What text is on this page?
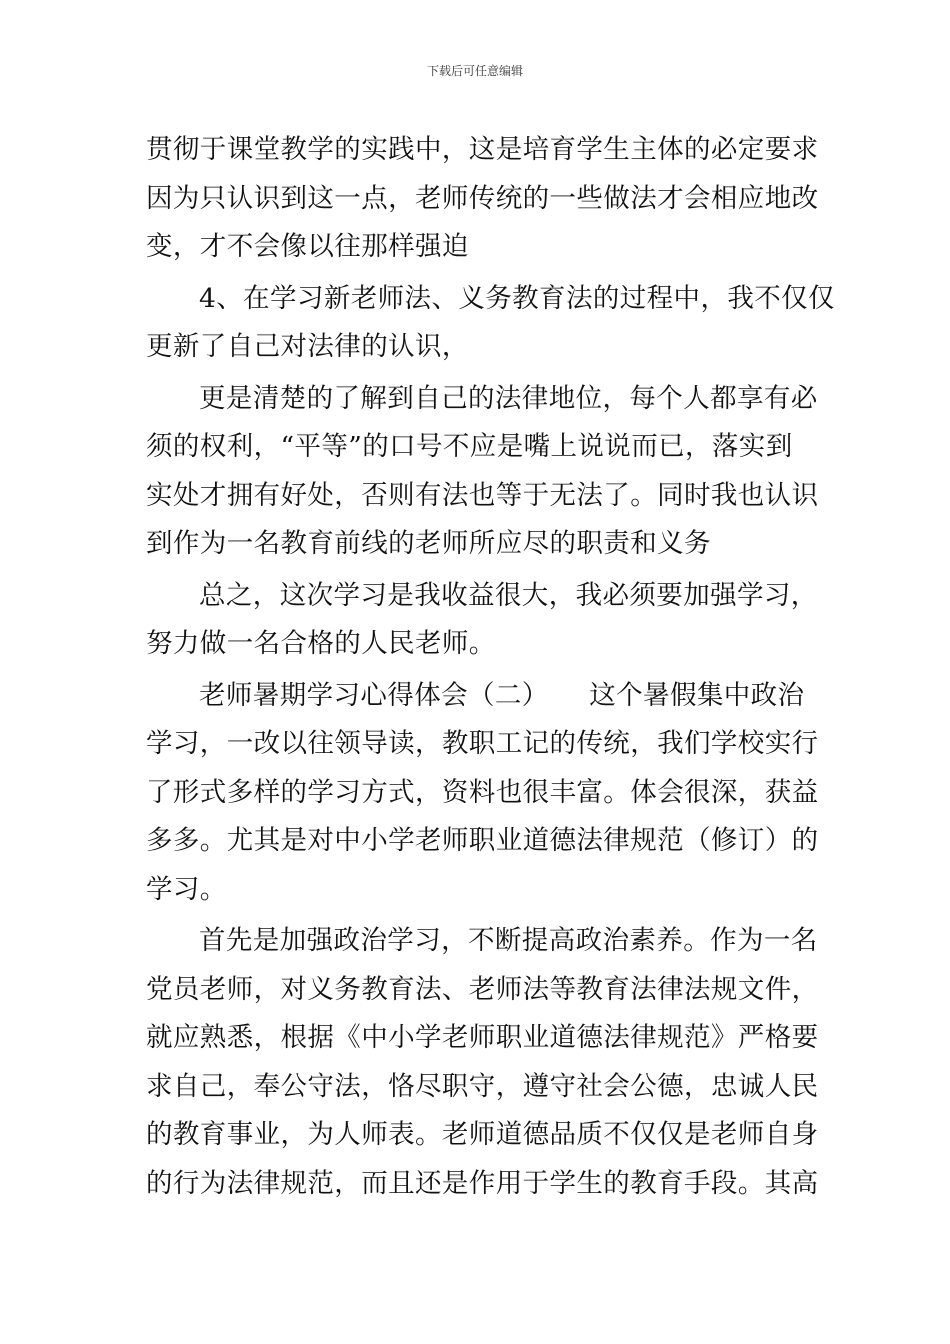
下载后可任意编辑

贯彻于课堂教学的实践中，这是培育学生主体的必定要求
因为只认识到这一点，老师传统的一些做法才会相应地改
变，才不会像以往那样强迫

4、在学习新老师法、义务教育法的过程中，我不仅仅
更新了自己对法律的认识，

更是清楚的了解到自己的法律地位，每个人都享有必
须的权利，“平等”的口号不应是嘴上说说而已，落实到
实处才拥有好处，否则有法也等于无法了。同时我也认识
到作为一名教育前线的老师所应尽的职责和义务

总之，这次学习是我收益很大，我必须要加强学习，
努力做一名合格的人民老师。

老师暑期学习心得体会（二）　　这个暑假集中政治
学习，一改以往领导读，教职工记的传统，我们学校实行
了形式多样的学习方式，资料也很丰富。体会很深，获益
多多。尤其是对中小学老师职业道德法律规范（修订）的
学习。

首先是加强政治学习，不断提高政治素养。作为一名
党员老师，对义务教育法、老师法等教育法律法规文件，
就应熟悉，根据《中小学老师职业道德法律规范》严格要
求自己，奉公守法，恪尽职守，遵守社会公德，忠诚人民
的教育事业，为人师表。老师道德品质不仅仅是老师自身
的行为法律规范，而且还是作用于学生的教育手段。其高
